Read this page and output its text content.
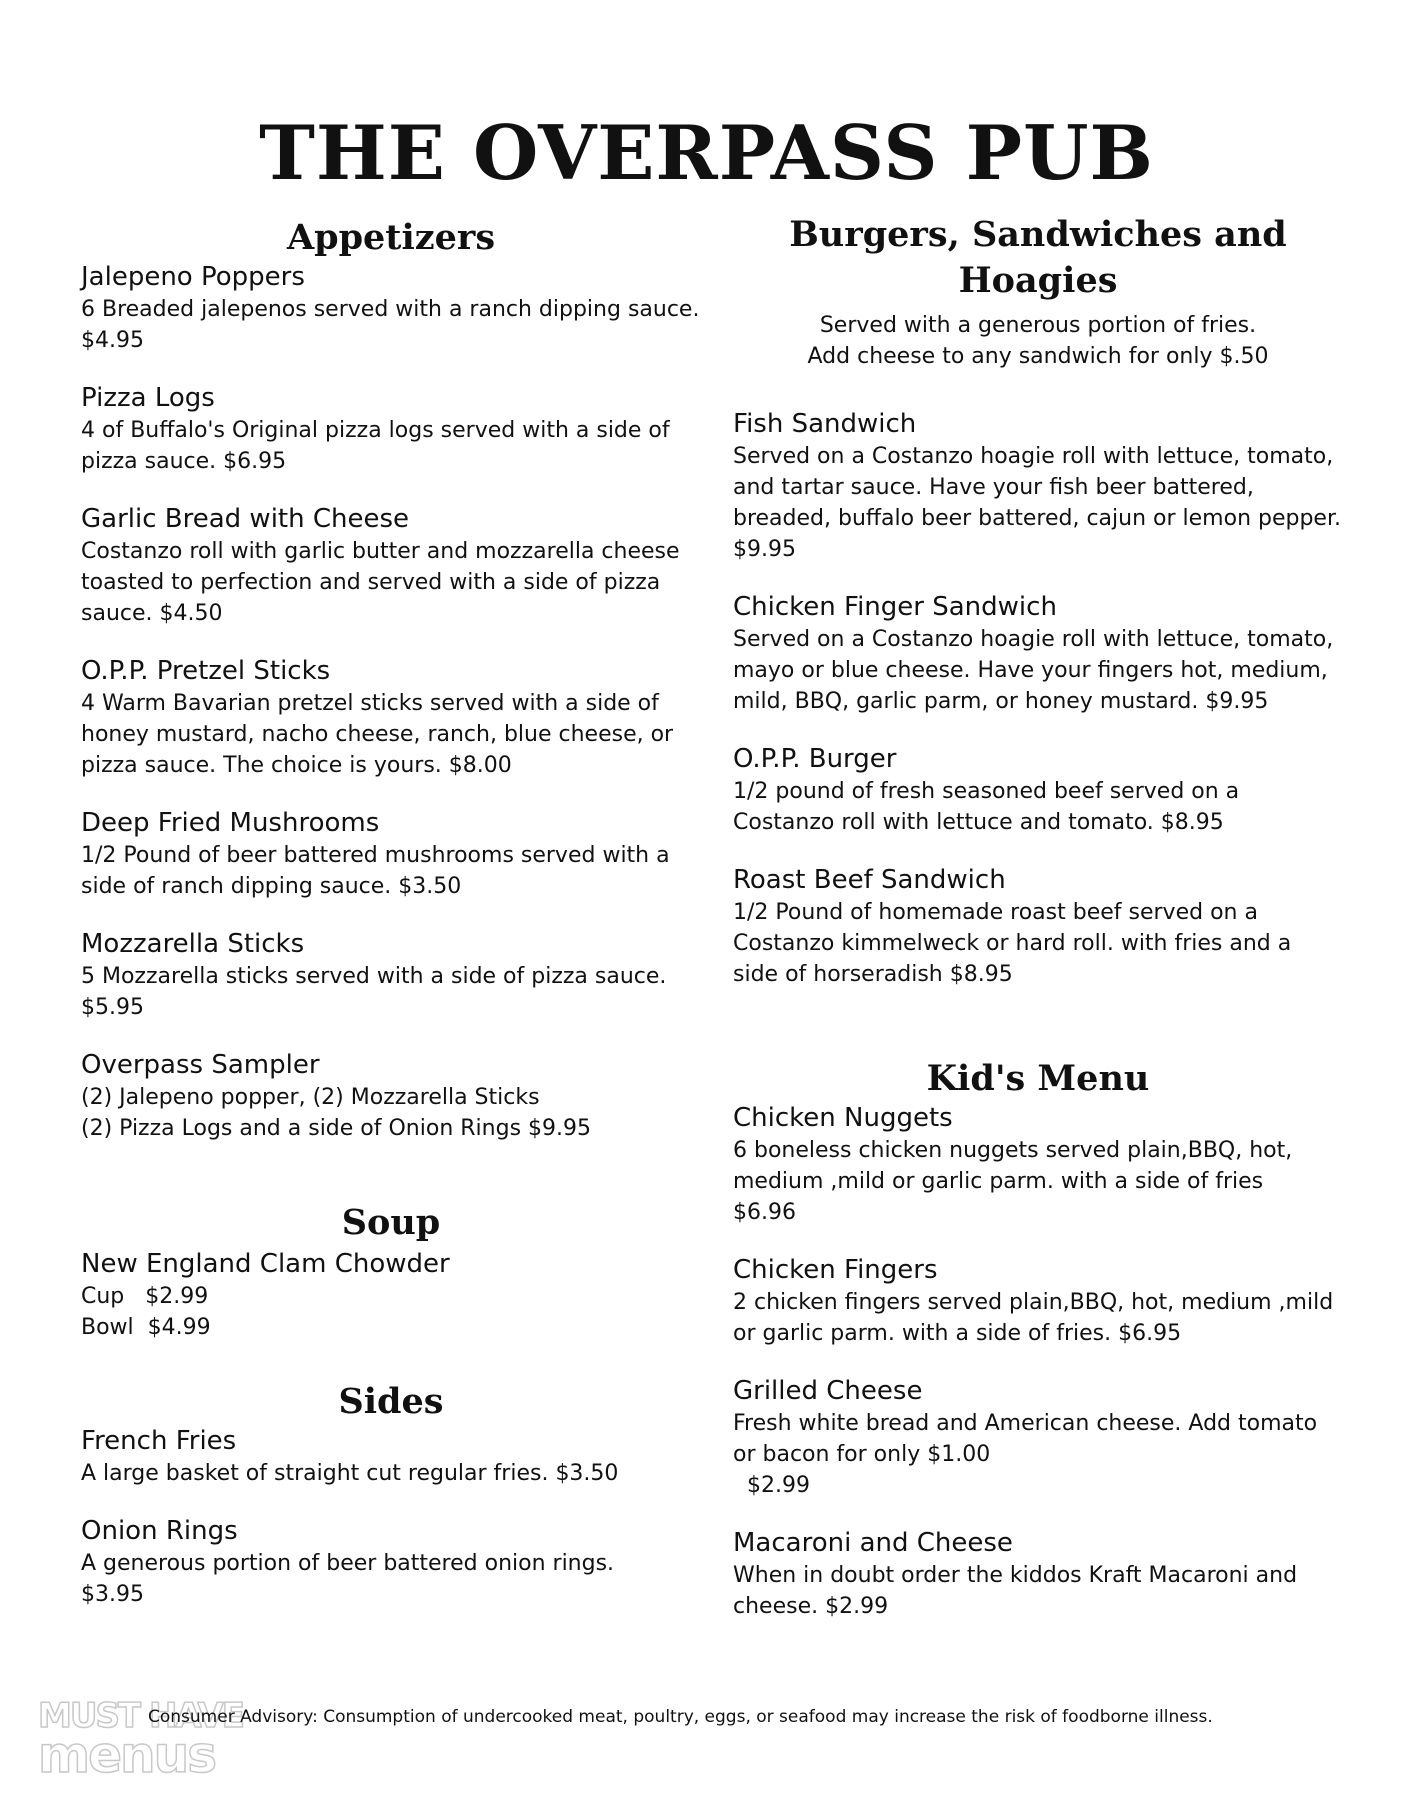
THE OVERPASS PUB
Appetizers
Jalepeno Poppers
6 Breaded jalepenos served with a ranch dipping sauce. $4.95
Pizza Logs
4 of Buffalo's Original pizza logs served with a side of pizza sauce. $6.95
Garlic Bread with Cheese
Costanzo roll with garlic butter and mozzarella cheese toasted to perfection and served with a side of pizza sauce. $4.50
O.P.P. Pretzel Sticks
4 Warm Bavarian pretzel sticks served with a side of honey mustard, nacho cheese, ranch, blue cheese, or pizza sauce. The choice is yours. $8.00
Deep Fried Mushrooms
1/2 Pound of beer battered mushrooms served with a side of ranch dipping sauce. $3.50
Mozzarella Sticks
5 Mozzarella sticks served with a side of pizza sauce. $5.95
Overpass Sampler
(2) Jalepeno popper, (2) Mozzarella Sticks
(2) Pizza Logs and a side of Onion Rings $9.95
Soup
New England Clam Chowder
Cup   $2.99
Bowl  $4.99
Sides
French Fries
A large basket of straight cut regular fries. $3.50
Onion Rings
A generous portion of beer battered onion rings.
$3.95
Burgers, Sandwiches and
Hoagies
Served with a generous portion of fries.
Add cheese to any sandwich for only $.50
Fish Sandwich
Served on a Costanzo hoagie roll with lettuce, tomato, and tartar sauce. Have your fish beer battered, breaded, buffalo beer battered, cajun or lemon pepper. $9.95
Chicken Finger Sandwich
Served on a Costanzo hoagie roll with lettuce, tomato, mayo or blue cheese. Have your fingers hot, medium, mild, BBQ, garlic parm, or honey mustard. $9.95
O.P.P. Burger
1/2 pound of fresh seasoned beef served on a Costanzo roll with lettuce and tomato. $8.95
Roast Beef Sandwich
1/2 Pound of homemade roast beef served on a Costanzo kimmelweck or hard roll. with fries and a side of horseradish $8.95
Kid's Menu
Chicken Nuggets
6 boneless chicken nuggets served plain,BBQ, hot, medium ,mild or garlic parm. with a side of fries
$6.96
Chicken Fingers
2 chicken fingers served plain,BBQ, hot, medium ,mild or garlic parm. with a side of fries. $6.95
Grilled Cheese
Fresh white bread and American cheese. Add tomato or bacon for only $1.00
$2.99
Macaroni and Cheese
When in doubt order the kiddos Kraft Macaroni and cheese. $2.99
MUST HAVE
menus
Consumer Advisory: Consumption of undercooked meat, poultry, eggs, or seafood may increase the risk of foodborne illness.
